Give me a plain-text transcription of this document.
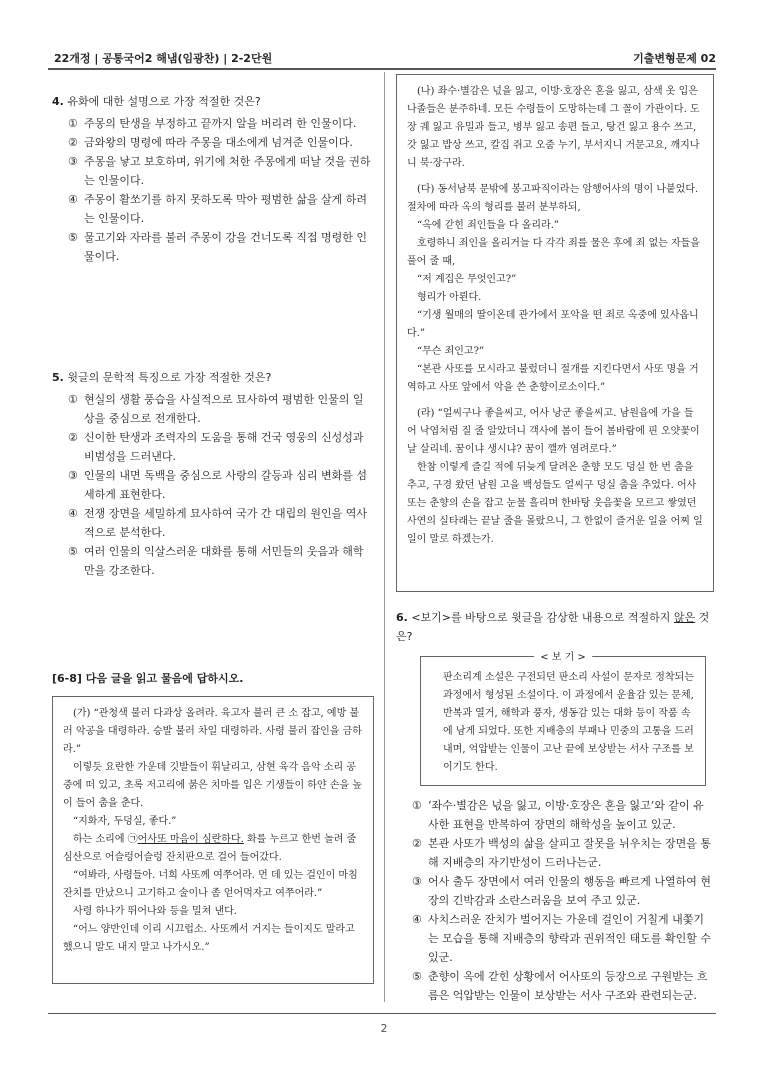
22개정 | 공통국어2 해냄(임광찬) | 2-2단원	기출변형문제 02
4. 유화에 대한 설명으로 가장 적절한 것은?
① 주몽의 탄생을 부정하고 끝까지 알을 버리려 한 인물이다.
② 금와왕의 명령에 따라 주몽을 대소에게 넘겨준 인물이다.
③ 주몽을 낳고 보호하며, 위기에 처한 주몽에게 떠날 것을 권하는 인물이다.
④ 주몽이 활쏘기를 하지 못하도록 막아 평범한 삶을 살게 하려는 인물이다.
⑤ 물고기와 자라를 불러 주몽이 강을 건너도록 직접 명령한 인물이다.
5. 윗글의 문학적 특징으로 가장 적절한 것은?
① 현실의 생활 풍습을 사실적으로 묘사하여 평범한 인물의 일상을 중심으로 전개한다.
② 신이한 탄생과 조력자의 도움을 통해 건국 영웅의 신성성과 비범성을 드러낸다.
③ 인물의 내면 독백을 중심으로 사랑의 갈등과 심리 변화를 섬세하게 표현한다.
④ 전쟁 장면을 세밀하게 묘사하여 국가 간 대립의 원인을 역사적으로 분석한다.
⑤ 여러 인물의 익살스러운 대화를 통해 서민들의 웃음과 해학만을 강조한다.
[6-8] 다음 글을 읽고 물음에 답하시오.

(가) “관청색 불러 다과상 올려라. 육고자 불러 큰 소 잡고, 예방 불러 악공을 대령하라. 승발 불러 차일 대령하라. 사령 불러 잡인을 금하라.”

이렇듯 요란한 가운데 깃발들이 휘날리고, 삼현 육각 음악 소리 공중에 떠 있고, 초록 저고리에 붉은 치마를 입은 기생들이 하얀 손을 높이 들어 춤을 춘다.

“지화자, 두덩실, 좋다.”

하는 소리에 ㉠어사또 마음이 심란하다. 화를 누르고 한번 놀려 줄 심산으로 어슬렁어슬렁 잔치판으로 걸어 들어갔다.

“여봐라, 사령들아. 너희 사또께 여쭈어라. 먼 데 있는 걸인이 마침 잔치를 만났으니 고기하고 술이나 좀 얻어먹자고 여쭈어라.”

사령 하나가 뛰어나와 등을 밀쳐 낸다.

“어느 양반인데 이리 시끄럽소. 사또께서 거지는 들이지도 말라고 했으니 말도 내지 말고 나가시오.”

(나) 좌수·별감은 넋을 잃고, 이방·호장은 혼을 잃고, 삼색 옷 입은 나졸들은 분주하네. 모든 수령들이 도망하는데 그 꼴이 가관이다. 도장 궤 잃고 유밀과 들고, 병부 잃고 송편 들고, 탕건 잃고 용수 쓰고, 갓 잃고 밥상 쓰고, 칼집 쥐고 오줌 누기, 부서지니 거문고요, 깨지나니 북·장구라.

(다) 동서남북 문밖에 봉고파직이라는 암행어사의 명이 나붙었다. 절차에 따라 옥의 형리를 불러 분부하되,

“옥에 갇힌 죄인들을 다 올리라.”

호령하니 죄인을 올리거늘 다 각각 죄를 물은 후에 죄 없는 자들을 풀어 줄 때,

“저 계집은 무엇인고?”

형리가 아뢴다.

“기생 월매의 딸이온데 관가에서 포악을 떤 죄로 옥중에 있사옵니다.”

“무슨 죄인고?”

“본관 사또를 모시라고 불렀더니 절개를 지킨다면서 사또 명을 거역하고 사또 앞에서 악을 쓴 춘향이로소이다.”

(라) “얼씨구나 좋을씨고, 어사 낭군 좋을씨고. 남원읍에 가을 들어 낙엽처럼 질 줄 알았더니 객사에 봄이 들어 봄바람에 핀 오얏꽃이 날 살리네. 꿈이냐 생시냐? 꿈이 깰까 염려로다.”

한참 이렇게 즐길 적에 뒤늦게 달려온 춘향 모도 덩실 한 번 춤을 추고, 구경 왔던 남원 고을 백성들도 얼씨구 덩실 춤을 추었다. 어사또는 춘향의 손을 잡고 눈물 흘리며 한바탕 웃음꽃을 모르고 쌓였던 사연의 실타래는 끝날 줄을 몰랐으니, 그 한없이 즐거운 일을 어찌 일일이 말로 하겠는가.

6. <보기>를 바탕으로 윗글을 감상한 내용으로 적절하지 않은 것은?
판소리계 소설은 구전되던 판소리 사설이 문자로 정착되는 과정에서 형성된 소설이다. 이 과정에서 운율감 있는 문체, 반복과 열거, 해학과 풍자, 생동감 있는 대화 등이 작품 속에 남게 되었다. 또한 지배층의 부패나 민중의 고통을 드러내며, 억압받는 인물이 고난 끝에 보상받는 서사 구조를 보이기도 한다.
< 보 기 >
① ‘좌수·별감은 넋을 잃고, 이방·호장은 혼을 잃고’와 같이 유사한 표현을 반복하여 장면의 해학성을 높이고 있군.
② 본관 사또가 백성의 삶을 살피고 잘못을 뉘우치는 장면을 통해 지배층의 자기반성이 드러나는군.
③ 어사 출두 장면에서 여러 인물의 행동을 빠르게 나열하여 현장의 긴박감과 소란스러움을 보여 주고 있군.
④ 사치스러운 잔치가 벌어지는 가운데 걸인이 거칠게 내쫓기는 모습을 통해 지배층의 향락과 권위적인 태도를 확인할 수 있군.
⑤ 춘향이 옥에 갇힌 상황에서 어사또의 등장으로 구원받는 흐름은 억압받는 인물이 보상받는 서사 구조와 관련되는군.
2
